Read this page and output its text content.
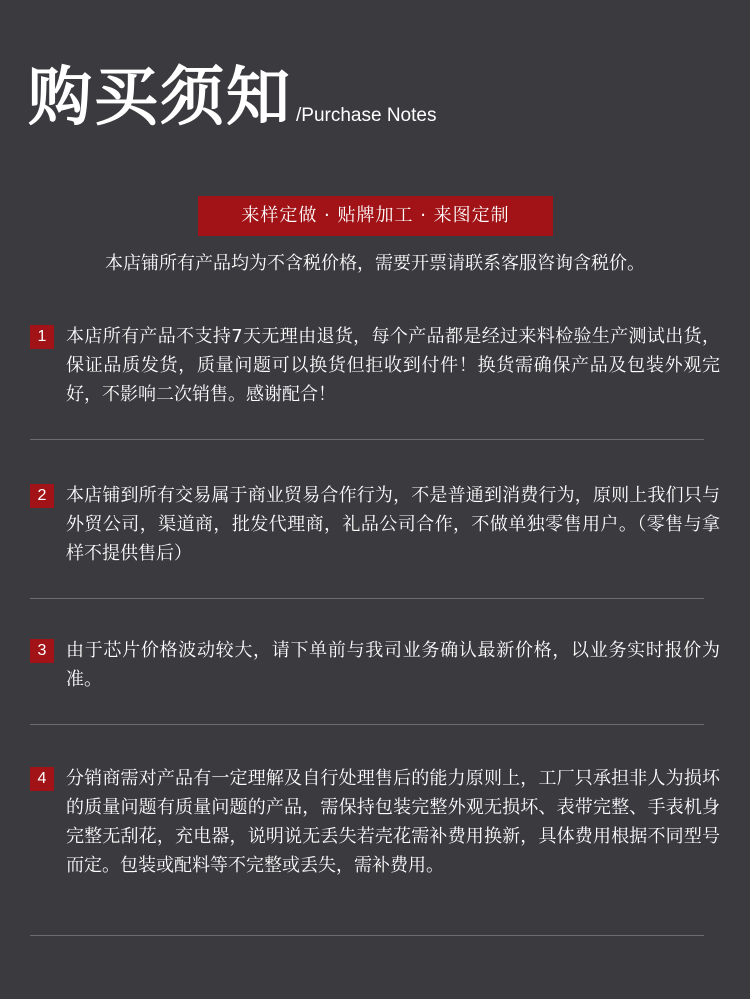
购买须知 /Purchase Notes
来样定做 · 贴牌加工 · 来图定制
本店铺所有产品均为不含税价格，需要开票请联系客服咨询含税价。
1	本店所有产品不支持7天无理由退货，每个产品都是经过来料检验生产测试出货，保证品质发货，质量问题可以换货但拒收到付件！换货需确保产品及包装外观完好，不影响二次销售。感谢配合！
2	本店铺到所有交易属于商业贸易合作行为，不是普通到消费行为，原则上我们只与外贸公司，渠道商，批发代理商，礼品公司合作，不做单独零售用户。（零售与拿样不提供售后）
3	由于芯片价格波动较大，请下单前与我司业务确认最新价格，以业务实时报价为准。
4	分销商需对产品有一定理解及自行处理售后的能力原则上，工厂只承担非人为损坏的质量问题有质量问题的产品，需保持包装完整外观无损坏、表带完整、手表机身完整无刮花，充电器，说明说无丢失若壳花需补费用换新，具体费用根据不同型号而定。包装或配料等不完整或丢失，需补费用。
